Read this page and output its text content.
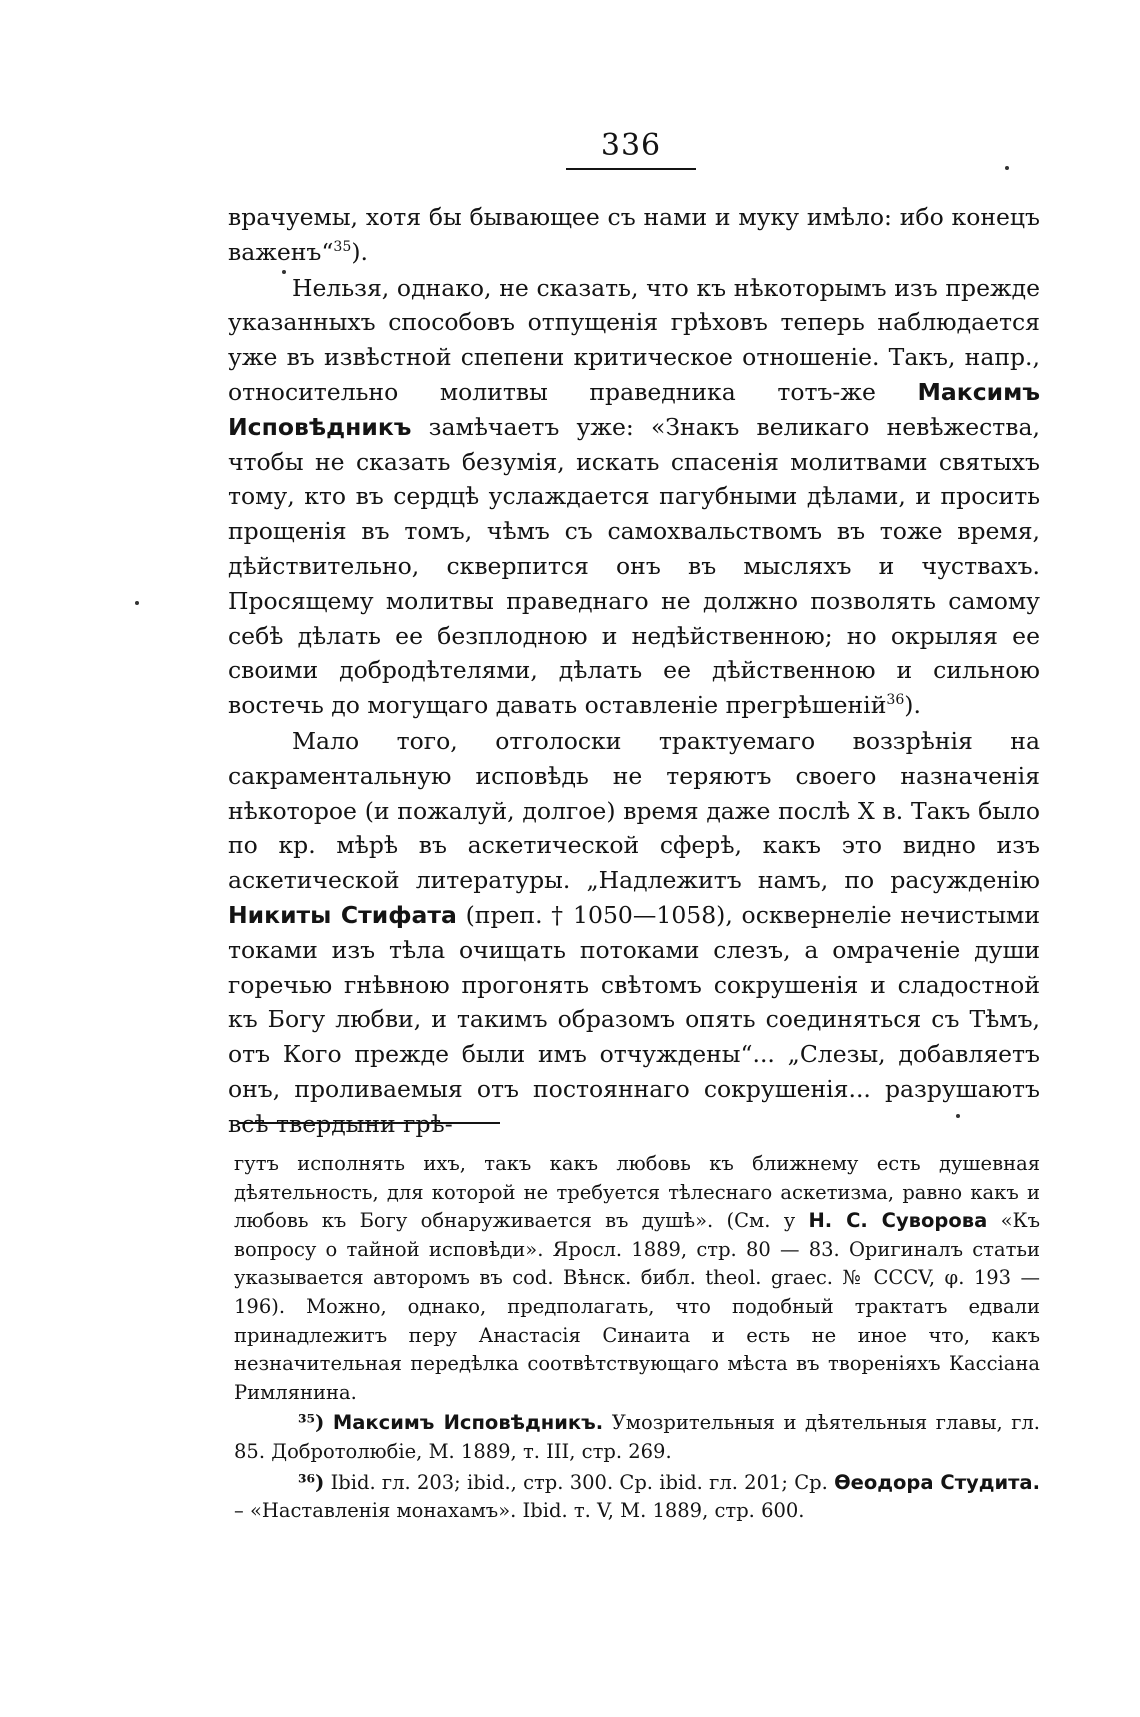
336

врачуемы, хотя бы бывающее съ нами и муку имѣло: ибо конецъ важенъ“$^{35}$).

Нельзя, однако, не сказать, что къ нѣкоторымъ изъ прежде указанныхъ способовъ отпущенія грѣховъ теперь наблюдается уже въ извѣстной спепени критическое отношеніе. Такъ, напр., относительно молитвы праведника тотъ-же Максимъ Исповѣдникъ замѣчаетъ уже: «Знакъ великаго невѣжества, чтобы не сказать безумія, искать спасенія молитвами святыхъ тому, кто въ сердцѣ услаждается пагубными дѣлами, и просить прощенія въ томъ, чѣмъ съ самохвальствомъ въ тоже время, дѣйствительно, скверпится онъ въ мысляхъ и чуствахъ. Просящему молитвы праведнаго не должно позволять самому себѣ дѣлать ее безплодною и недѣйственною; но окрыляя ее своими добродѣтелями, дѣлать ее дѣйственною и сильною востечь до могущаго давать оставленіе прегрѣшеній$^{36}$).

Мало того, отголоски трактуемаго воззрѣнія на сакраментальную исповѣдь не теряютъ своего назначенія нѣкоторое (и пожалуй, долгое) время даже послѣ X в. Такъ было по кр. мѣрѣ въ аскетической сферѣ, какъ это видно изъ аскетической литературы. „Надлежитъ намъ, по расужденію Никиты Стифата (преп. † 1050—1058), осквернеліе нечистыми токами изъ тѣла очищать потоками слезъ, а омраченіе души горечью гнѣвною прогонять свѣтомъ сокрушенія и сладостной къ Богу любви, и такимъ образомъ опять соединяться съ Тѣмъ, отъ Кого прежде были имъ отчуждены“... „Слезы, добавляетъ онъ, проливаемыя отъ постояннаго сокрушенія... разрушаютъ всѣ твердыни грѣ-

гутъ исполнять ихъ, такъ какъ любовь къ ближнему есть душевная дѣятельность, для которой не требуется тѣлеснаго аскетизма, равно какъ и любовь къ Богу обнаруживается въ душѣ». (См. у Н. С. Суворова «Къ вопросу о тайной исповѣди». Яросл. 1889, стр. 80 — 83. Оригиналъ статьи указывается авторомъ въ cod. Вѣнск. библ. theol. graec. № CCCV, φ. 193 —196). Можно, однако, предполагать, что подобный трактатъ едвали принадлежитъ перу Анастасія Синаита и есть не иное что, какъ незначительная передѣлка соотвѣтствующаго мѣста въ твореніяхъ Кассіана Римлянина.

³⁵) Максимъ Исповѣдникъ. Умозрительныя и дѣятельныя главы, гл. 85. Добротолюбіе, М. 1889, т. III, стр. 269.

³⁶) Ibid. гл. 203; ibid., стр. 300. Ср. ibid. гл. 201; Ср. Ѳеодора Студита. – «Наставленія монахамъ». Ibid. т. V, М. 1889, стр. 600.
